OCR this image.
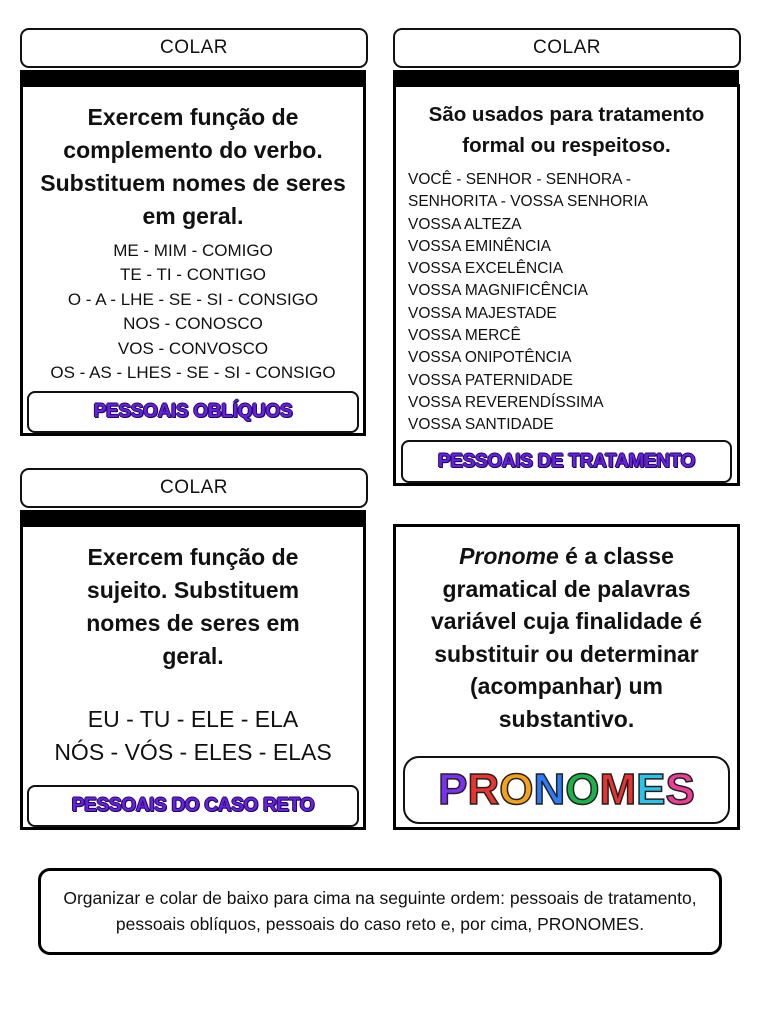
COLAR
Exercem função de complemento do verbo. Substituem nomes de seres em geral.
ME - MIM - COMIGO
TE - TI - CONTIGO
O - A - LHE - SE - SI - CONSIGO
NOS - CONOSCO
VOS - CONVOSCO
OS - AS - LHES - SE - SI - CONSIGO
PESSOAIS OBLÍQUOS
COLAR
São usados para tratamento formal ou respeitoso.
VOCÊ - SENHOR - SENHORA -
SENHORITA - VOSSA SENHORIA
VOSSA ALTEZA
VOSSA EMINÊNCIA
VOSSA EXCELÊNCIA
VOSSA MAGNIFICÊNCIA
VOSSA MAJESTADE
VOSSA MERCÊ
VOSSA ONIPOTÊNCIA
VOSSA PATERNIDADE
VOSSA REVERENDÍSSIMA
VOSSA SANTIDADE
PESSOAIS DE TRATAMENTO
COLAR
Exercem função de sujeito. Substituem nomes de seres em geral.
EU - TU - ELE - ELA
NÓS - VÓS - ELES - ELAS
PESSOAIS DO CASO RETO
Pronome é a classe gramatical de palavras variável cuja finalidade é substituir ou determinar (acompanhar) um substantivo.
P R O N O M E S
Organizar e colar de baixo para cima na seguinte ordem: pessoais de tratamento, pessoais oblíquos, pessoais do caso reto e, por cima, PRONOMES.
